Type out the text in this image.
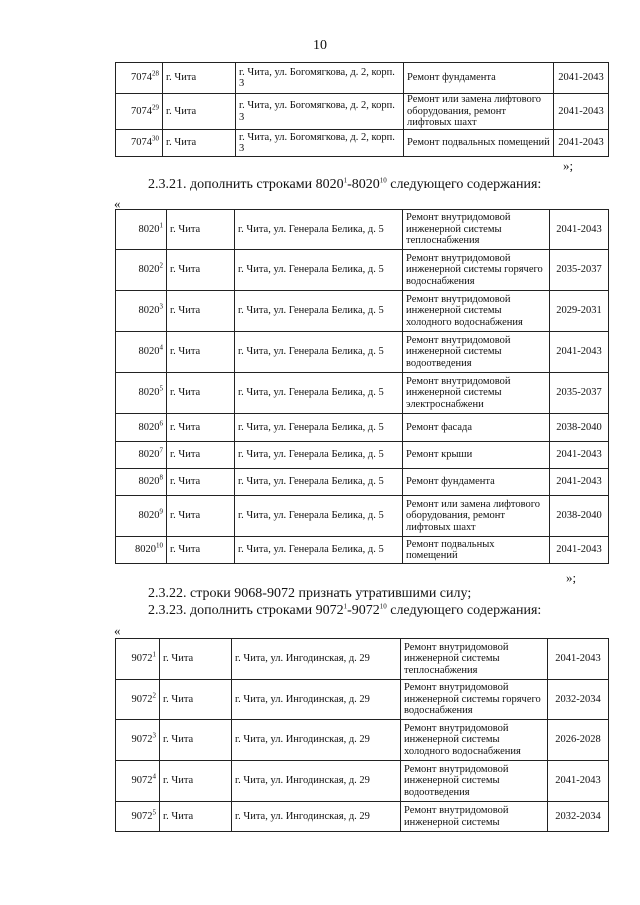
10
7074$^{28}$	г. Чита	г. Чита, ул. Богомягкова, д. 2, корп. 3	Ремонт фундамента	2041-2043
7074$^{29}$	г. Чита	г. Чита, ул. Богомягкова, д. 2, корп. 3	Ремонт или замена лифтового оборудования, ремонт лифтовых шахт	2041-2043
7074$^{30}$	г. Чита	г. Чита, ул. Богомягкова, д. 2, корп. 3	Ремонт подвальных помещений	2041-2043
»;
2.3.21. дополнить строками 8020$^1$-8020$^{10}$ следующего содержания:
«
8020$^1$	г. Чита	г. Чита, ул. Генерала Белика, д. 5	Ремонт внутридомовой инженерной системы теплоснабжения	2041-2043
8020$^2$	г. Чита	г. Чита, ул. Генерала Белика, д. 5	Ремонт внутридомовой инженерной системы горячего водоснабжения	2035-2037
8020$^3$	г. Чита	г. Чита, ул. Генерала Белика, д. 5	Ремонт внутридомовой инженерной системы холодного водоснабжения	2029-2031
8020$^4$	г. Чита	г. Чита, ул. Генерала Белика, д. 5	Ремонт внутридомовой инженерной системы водоотведения	2041-2043
8020$^5$	г. Чита	г. Чита, ул. Генерала Белика, д. 5	Ремонт внутридомовой инженерной системы электроснабжени	2035-2037
8020$^6$	г. Чита	г. Чита, ул. Генерала Белика, д. 5	Ремонт фасада	2038-2040
8020$^7$	г. Чита	г. Чита, ул. Генерала Белика, д. 5	Ремонт крыши	2041-2043
8020$^8$	г. Чита	г. Чита, ул. Генерала Белика, д. 5	Ремонт фундамента	2041-2043
8020$^9$	г. Чита	г. Чита, ул. Генерала Белика, д. 5	Ремонт или замена лифтового оборудования, ремонт лифтовых шахт	2038-2040
8020$^{10}$	г. Чита	г. Чита, ул. Генерала Белика, д. 5	Ремонт подвальных помещений	2041-2043
»;
2.3.22. строки 9068-9072 признать утратившими силу;
2.3.23. дополнить строками 9072$^1$-9072$^{10}$ следующего содержания:
«
9072$^1$	г. Чита	г. Чита, ул. Ингодинская, д. 29	Ремонт внутридомовой инженерной системы теплоснабжения	2041-2043
9072$^2$	г. Чита	г. Чита, ул. Ингодинская, д. 29	Ремонт внутридомовой инженерной системы горячего водоснабжения	2032-2034
9072$^3$	г. Чита	г. Чита, ул. Ингодинская, д. 29	Ремонт внутридомовой инженерной системы холодного водоснабжения	2026-2028
9072$^4$	г. Чита	г. Чита, ул. Ингодинская, д. 29	Ремонт внутридомовой инженерной системы водоотведения	2041-2043
9072$^5$	г. Чита	г. Чита, ул. Ингодинская, д. 29	Ремонт внутридомовой инженерной системы	2032-2034
